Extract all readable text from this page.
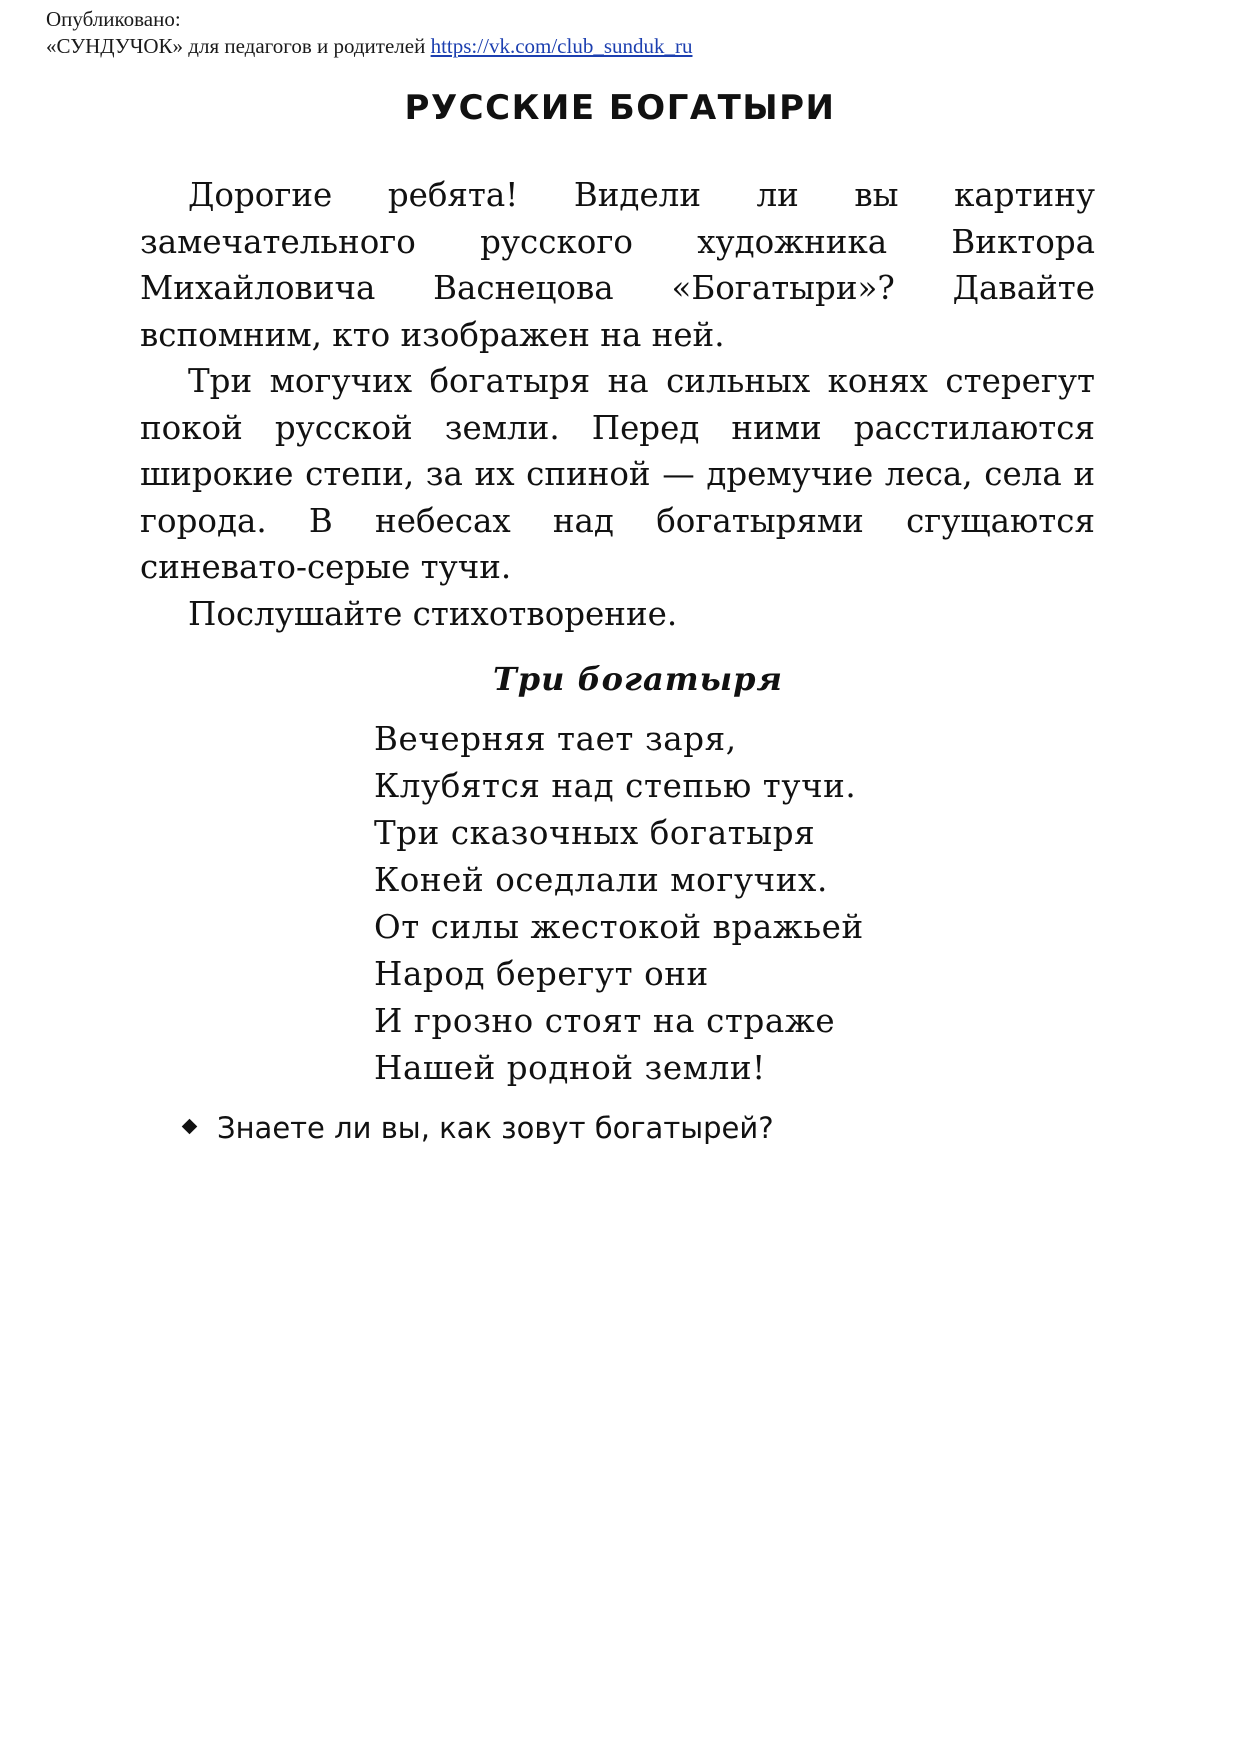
Опубликовано:
«СУНДУЧОК» для педагогов и родителей https://vk.com/club_sunduk_ru
РУССКИЕ БОГАТЫРИ

Дорогие ребята! Видели ли вы картину замечательного русского художника Виктора Михайловича Васнецова «Богатыри»? Давайте вспомним, кто изображен на ней.

Три могучих богатыря на сильных конях стерегут покой русской земли. Перед ними расстилаются широкие степи, за их спиной — дремучие леса, села и города. В небесах над богатырями сгущаются синевато-серые тучи.

Послушайте стихотворение.

Три богатыря
Вечерняя тает заря,
Клубятся над степью тучи.
Три сказочных богатыря
Коней оседлали могучих.
От силы жестокой вражьей
Народ берегут они
И грозно стоят на страже
Нашей родной земли!
Знаете ли вы, как зовут богатырей?
